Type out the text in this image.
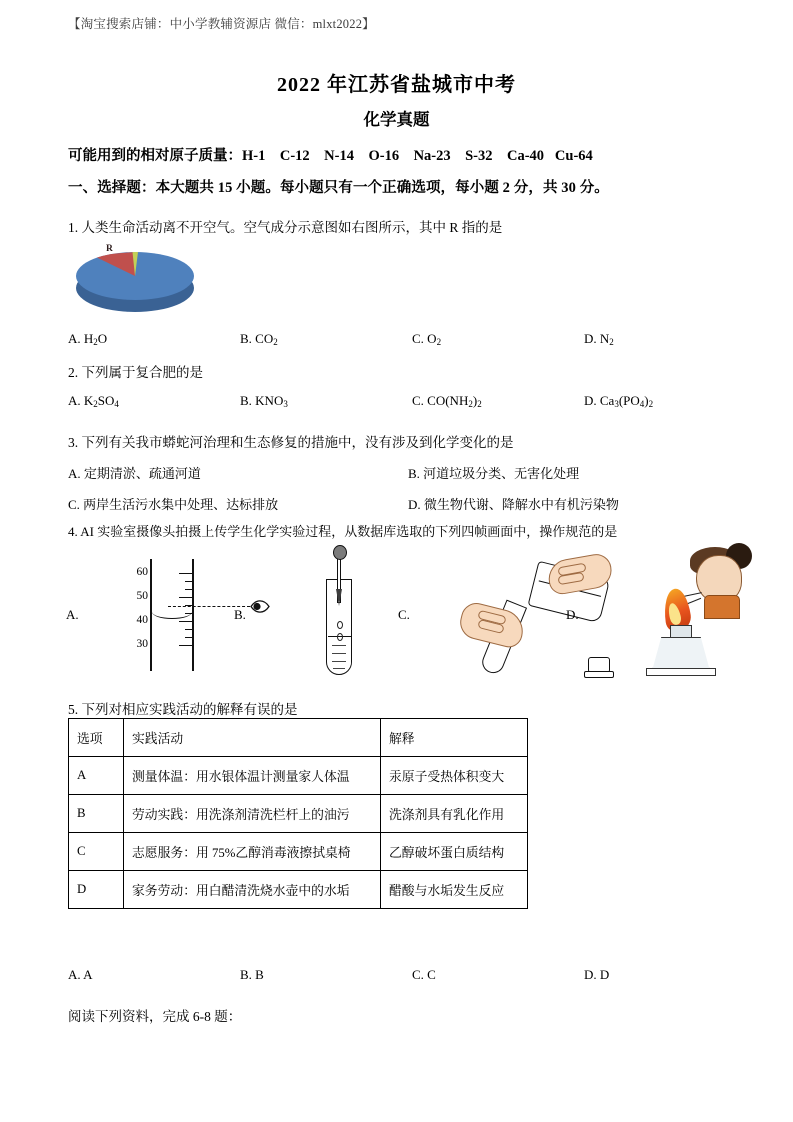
【淘宝搜索店铺：中小学教辅资源店 微信：mlxt2022】
2022 年江苏省盐城市中考
化学真题
可能用到的相对原子质量：H-1    C-12    N-14    O-16    Na-23    S-32    Ca-40   Cu-64
一、选择题：本大题共 15 小题。每小题只有一个正确选项，每小题 2 分，共 30 分。
1. 人类生命活动离不开空气。空气成分示意图如右图所示，其中 R 指的是
R
A. $H_2O$	B. $CO_2$	C. $O_2$	D. $N_2$
2. 下列属于复合肥的是
A. $K_2SO_4$	B. $KNO_3$	C. $CO(NH_2)_2$	D. $Ca_3(PO_4)_2$
3. 下列有关我市蟒蛇河治理和生态修复的措施中，没有涉及到化学变化的是
A. 定期清淤、疏通河道	B. 河道垃圾分类、无害化处理
C. 两岸生活污水集中处理、达标排放	D. 微生物代谢、降解水中有机污染物
4. AI 实验室摄像头拍摄上传学生化学实验过程，从数据库选取的下列四帧画面中，操作规范的是
A.
60
50
40
30
B.	C.	D.
5. 下列对相应实践活动的解释有误的是
选项	实践活动	解释
A	测量体温：用水银体温计测量家人体温	汞原子受热体积变大
B	劳动实践：用洗涤剂清洗栏杆上的油污	洗涤剂具有乳化作用
C	志愿服务：用 75%乙醇消毒液擦拭桌椅	乙醇破坏蛋白质结构
D	家务劳动：用白醋清洗烧水壶中的水垢	醋酸与水垢发生反应
A. A	B. B	C. C	D. D
阅读下列资料，完成 6-8 题：
